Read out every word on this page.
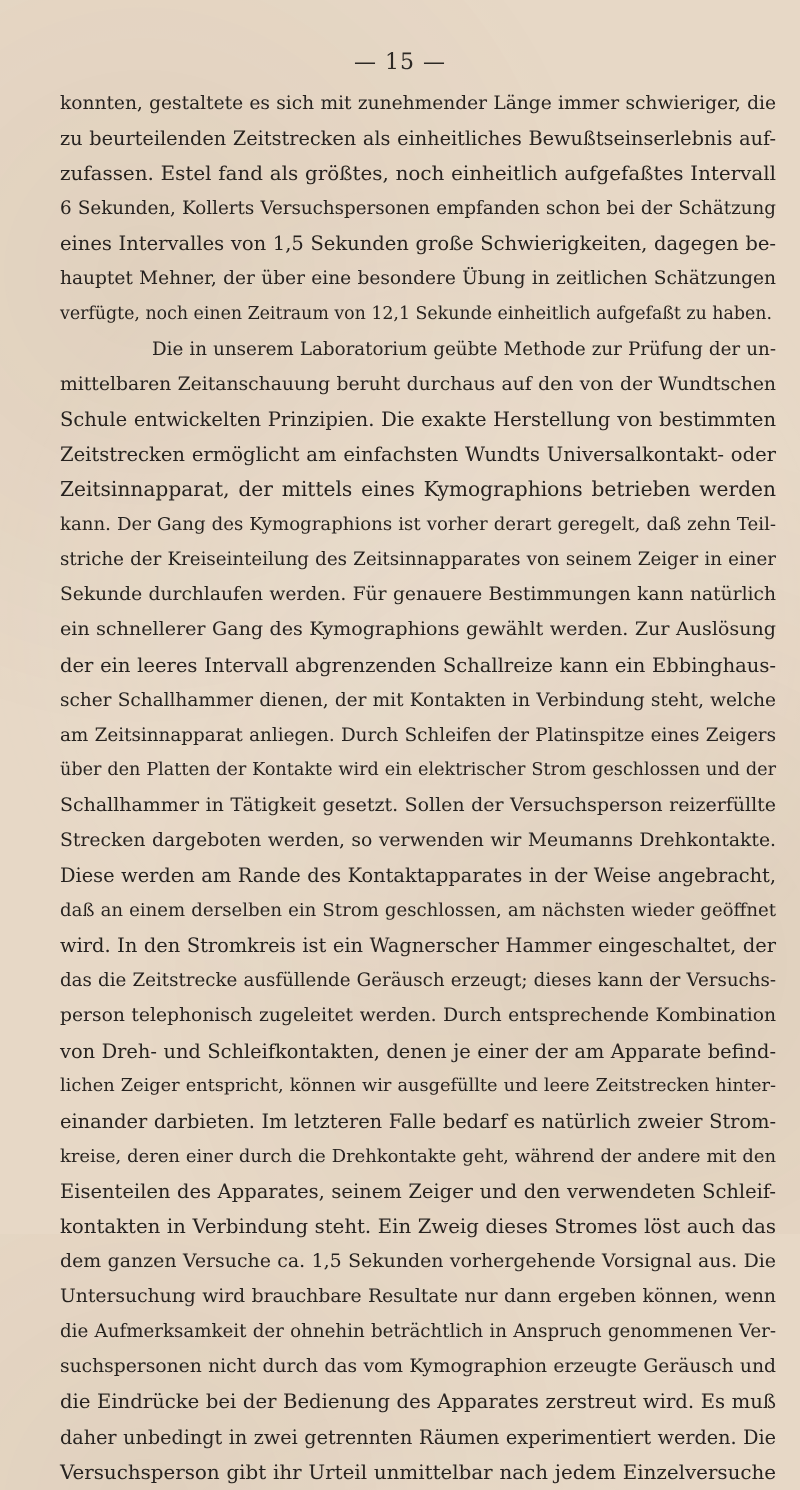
— 15 —
konnten, gestaltete es sich mit zunehmender Länge immer schwieriger, die
zu beurteilenden Zeitstrecken als einheitliches Bewußtseinserlebnis auf-
zufassen. Estel fand als größtes, noch einheitlich aufgefaßtes Intervall
6 Sekunden, Kollerts Versuchspersonen empfanden schon bei der Schätzung
eines Intervalles von 1,5 Sekunden große Schwierigkeiten, dagegen be-
hauptet Mehner, der über eine besondere Übung in zeitlichen Schätzungen
verfügte, noch einen Zeitraum von 12,1 Sekunde einheitlich aufgefaßt zu haben.
Die in unserem Laboratorium geübte Methode zur Prüfung der un-
mittelbaren Zeitanschauung beruht durchaus auf den von der Wundtschen
Schule entwickelten Prinzipien. Die exakte Herstellung von bestimmten
Zeitstrecken ermöglicht am einfachsten Wundts Universalkontakt- oder
Zeitsinnapparat, der mittels eines Kymographions betrieben werden
kann. Der Gang des Kymographions ist vorher derart geregelt, daß zehn Teil-
striche der Kreiseinteilung des Zeitsinnapparates von seinem Zeiger in einer
Sekunde durchlaufen werden. Für genauere Bestimmungen kann natürlich
ein schnellerer Gang des Kymographions gewählt werden. Zur Auslösung
der ein leeres Intervall abgrenzenden Schallreize kann ein Ebbinghaus-
scher Schallhammer dienen, der mit Kontakten in Verbindung steht, welche
am Zeitsinnapparat anliegen. Durch Schleifen der Platinspitze eines Zeigers
über den Platten der Kontakte wird ein elektrischer Strom geschlossen und der
Schallhammer in Tätigkeit gesetzt. Sollen der Versuchsperson reizerfüllte
Strecken dargeboten werden, so verwenden wir Meumanns Drehkontakte.
Diese werden am Rande des Kontaktapparates in der Weise angebracht,
daß an einem derselben ein Strom geschlossen, am nächsten wieder geöffnet
wird. In den Stromkreis ist ein Wagnerscher Hammer eingeschaltet, der
das die Zeitstrecke ausfüllende Geräusch erzeugt; dieses kann der Versuchs-
person telephonisch zugeleitet werden. Durch entsprechende Kombination
von Dreh- und Schleifkontakten, denen je einer der am Apparate befind-
lichen Zeiger entspricht, können wir ausgefüllte und leere Zeitstrecken hinter-
einander darbieten. Im letzteren Falle bedarf es natürlich zweier Strom-
kreise, deren einer durch die Drehkontakte geht, während der andere mit den
Eisenteilen des Apparates, seinem Zeiger und den verwendeten Schleif-
kontakten in Verbindung steht. Ein Zweig dieses Stromes löst auch das
dem ganzen Versuche ca. 1,5 Sekunden vorhergehende Vorsignal aus. Die
Untersuchung wird brauchbare Resultate nur dann ergeben können, wenn
die Aufmerksamkeit der ohnehin beträchtlich in Anspruch genommenen Ver-
suchspersonen nicht durch das vom Kymographion erzeugte Geräusch und
die Eindrücke bei der Bedienung des Apparates zerstreut wird. Es muß
daher unbedingt in zwei getrennten Räumen experimentiert werden. Die
Versuchsperson gibt ihr Urteil unmittelbar nach jedem Einzelversuche
